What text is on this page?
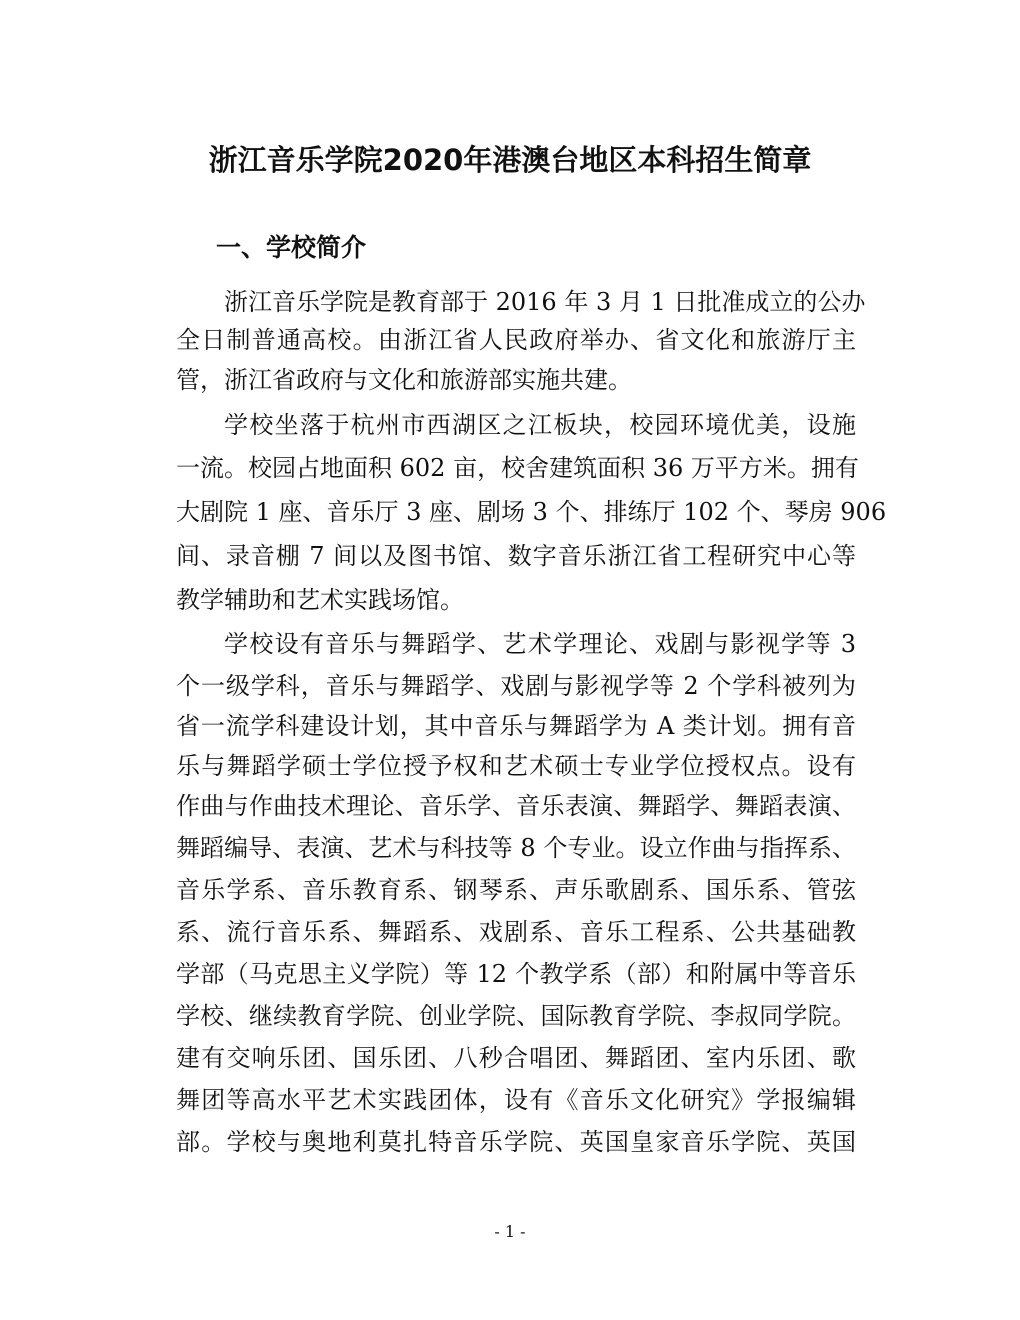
浙江音乐学院2020年港澳台地区本科招生简章
一、学校简介
浙江音乐学院是教育部于 2016 年 3 月 1 日批准成立的公办
全日制普通高校。由浙江省人民政府举办、省文化和旅游厅主
管，浙江省政府与文化和旅游部实施共建。
学校坐落于杭州市西湖区之江板块，校园环境优美，设施
一流。校园占地面积 602 亩，校舍建筑面积 36 万平方米。拥有
大剧院 1 座、音乐厅 3 座、剧场 3 个、排练厅 102 个、琴房 906
间、录音棚 7 间以及图书馆、数字音乐浙江省工程研究中心等
教学辅助和艺术实践场馆。
学校设有音乐与舞蹈学、艺术学理论、戏剧与影视学等 3
个一级学科，音乐与舞蹈学、戏剧与影视学等 2 个学科被列为
省一流学科建设计划，其中音乐与舞蹈学为 A 类计划。拥有音
乐与舞蹈学硕士学位授予权和艺术硕士专业学位授权点。设有
作曲与作曲技术理论、音乐学、音乐表演、舞蹈学、舞蹈表演、
舞蹈编导、表演、艺术与科技等 8 个专业。设立作曲与指挥系、
音乐学系、音乐教育系、钢琴系、声乐歌剧系、国乐系、管弦
系、流行音乐系、舞蹈系、戏剧系、音乐工程系、公共基础教
学部（马克思主义学院）等 12 个教学系（部）和附属中等音乐
学校、继续教育学院、创业学院、国际教育学院、李叔同学院。
建有交响乐团、国乐团、八秒合唱团、舞蹈团、室内乐团、歌
舞团等高水平艺术实践团体，设有《音乐文化研究》学报编辑
部。学校与奥地利莫扎特音乐学院、英国皇家音乐学院、英国
- 1 -
